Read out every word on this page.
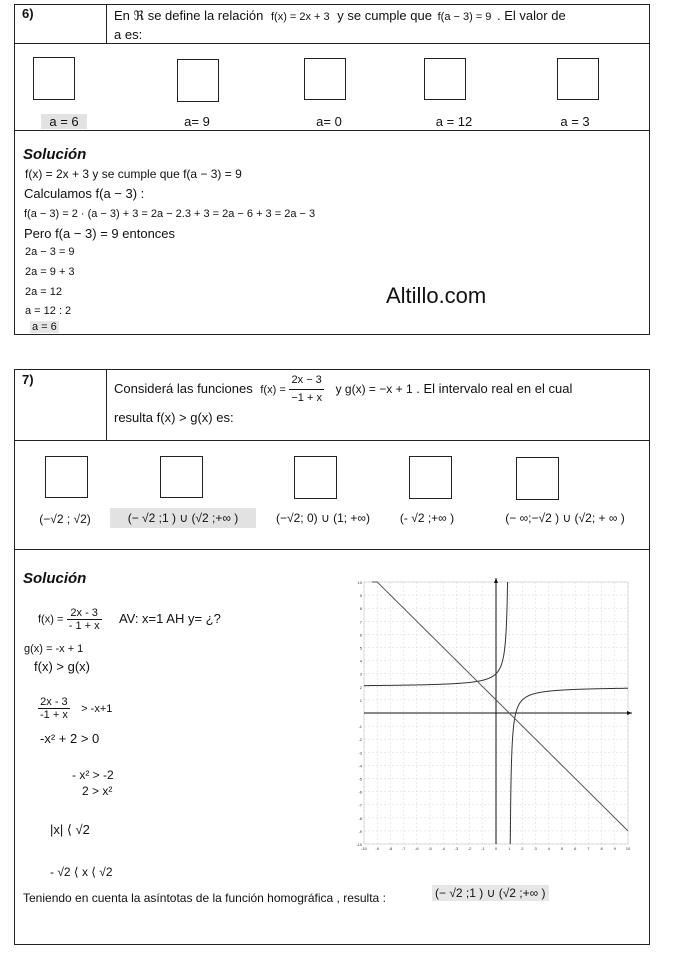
6)	En ℜ se define la relación f(x) = 2x + 3 y se cumple que f(a − 3) = 9 . El valor de
a es:
a = 6	a= 9	a= 0	a = 12	a = 3
Solución
f(x) = 2x + 3 y se cumple que f(a − 3) = 9
Calculamos f(a − 3) :
f(a − 3) = 2 · (a − 3) + 3 = 2a − 2.3 + 3 = 2a − 6 + 3 = 2a − 3
Pero f(a − 3) = 9 entonces
2a − 3 = 9
2a = 9 + 3
2a = 12
a = 12 : 2
a = 6
Altillo.com
7)
Considerá las funciones $f(x) = \frac{2x - 3}{-1 + x}$ y g(x) = −x + 1 . El intervalo real en el cual
resulta f(x) > g(x) es:
(−√2 ; √2)	(− √2 ;1 ) ∪ (√2 ;+∞ )	(−√2; 0) ∪ (1; +∞)	(- √2 ;+∞ )	(− ∞;−√2 ) ∪ (√2; + ∞ )
Solución
$f(x) = \frac{2x - 3}{- 1 + x}$ AV: x=1 AH y= ¿?
g(x) = -x + 1
f(x) > g(x)
$\frac{2x - 3}{-1 + x} > -x+1$
-x² + 2 > 0
- x² > -2
2 > x²
|x| ⟨ √2
- √2 ⟨ x ⟨ √2
Teniendo en cuenta la asíntotas de la función homográfica , resulta :	(− √2 ;1 ) ∪ (√2 ;+∞ )
-10
-9
-8
-7
-6
-5
-4
-3
-2
-1
1
2
3
4
5
6
7
8
9
10
-10 -9 -8 -7 -6 -5 -4 -3 -2 -1	0	1	2	3	4	5	6	7	8	9 10
